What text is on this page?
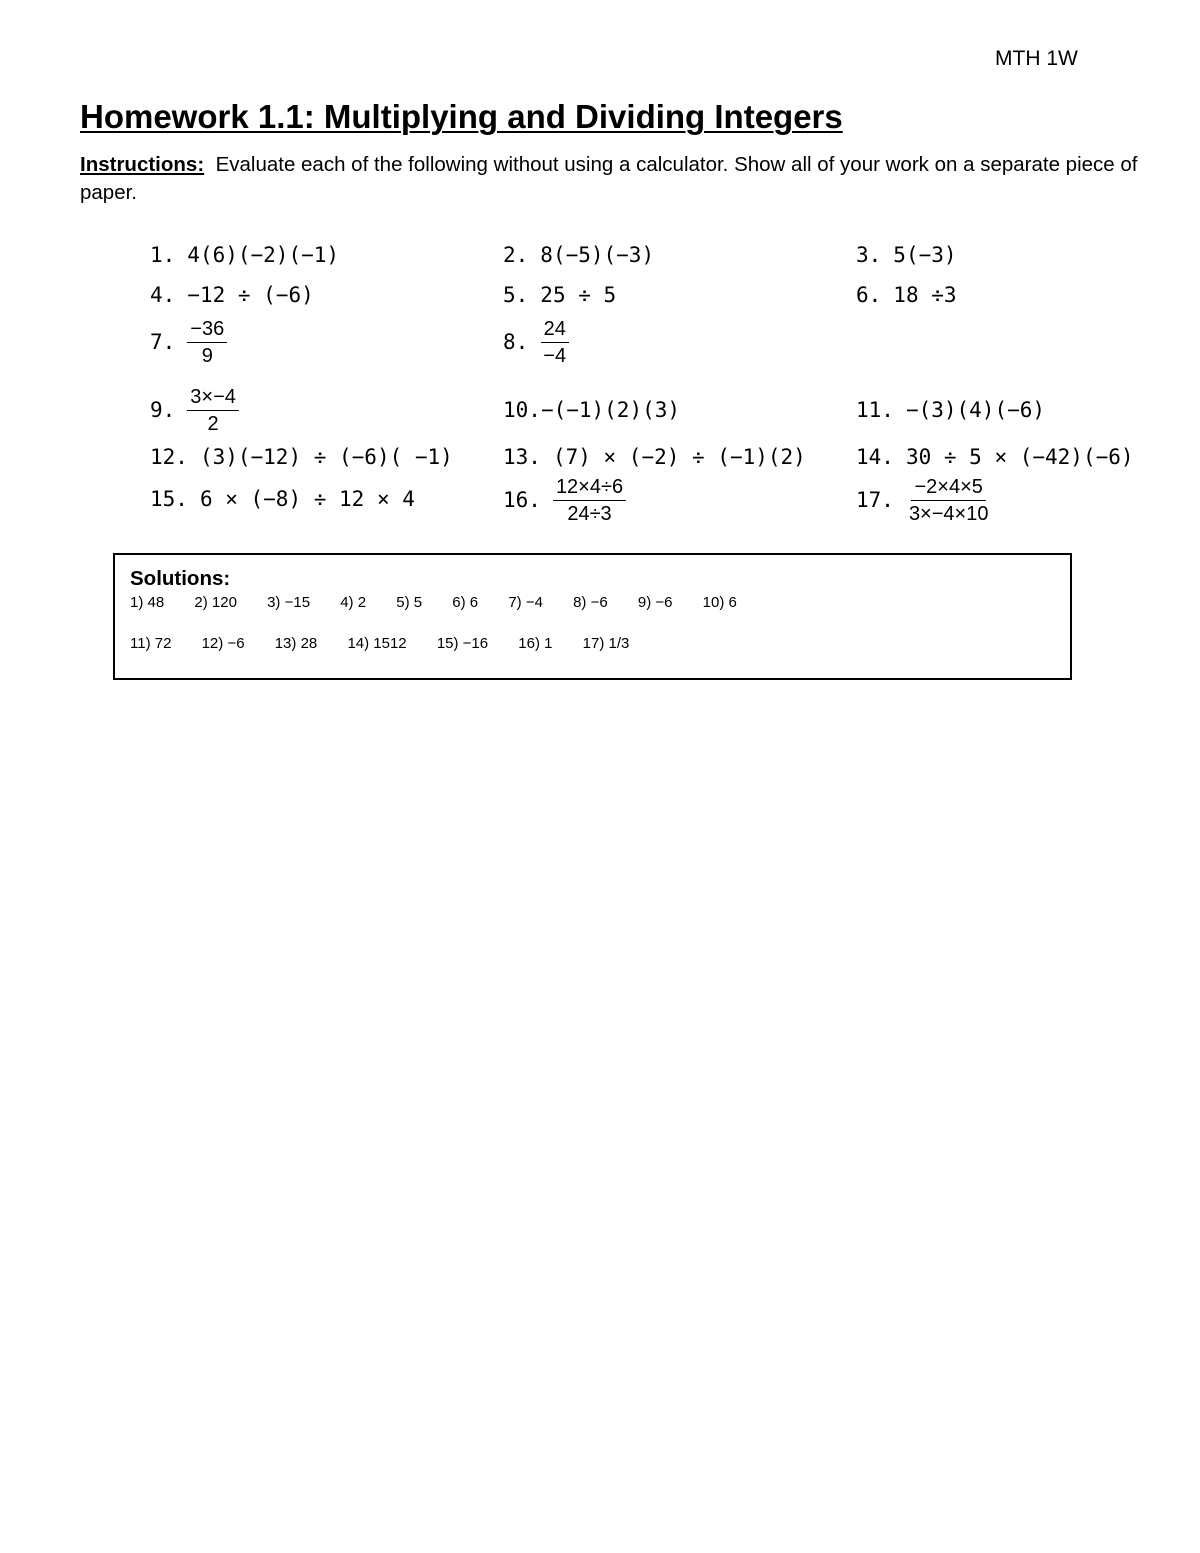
MTH 1W
Homework 1.1: Multiplying and Dividing Integers
Instructions: Evaluate each of the following without using a calculator. Show all of your work on a separate piece of paper.
1. 4(6)(−2)(−1)	2. 8(−5)(−3)	3. 5(−3)
4. −12 ÷ (−6)	5. 25 ÷ 5	6. 18 ÷3
7. $\frac{-36}{9}$	8. $\frac{24}{-4}$
9. $\frac{3\times-4}{2}$	10. −(−1)(2)(3)	11. −(3)(4)(−6)
12. (3)(−12) ÷ (−6)( −1) 13. (7) × (−2) ÷ (−1)(2) 14. 30 ÷ 5 × (−42)(−6)
15. 6 × (−8) ÷ 12 × 4	16. $\frac{12\times 4\div 6}{24\div 3}$	17. $\frac{-2\times 4\times 5}{3\times-4\times 10}$
Solutions:
1) 48 2) 120 3) −15 4) 2 5) 5 6) 6 7) −4 8) −6 9) −6 10) 6
11) 72 12) −6 13) 28 14) 1512 15) −16 16) 1 17) 1/3
